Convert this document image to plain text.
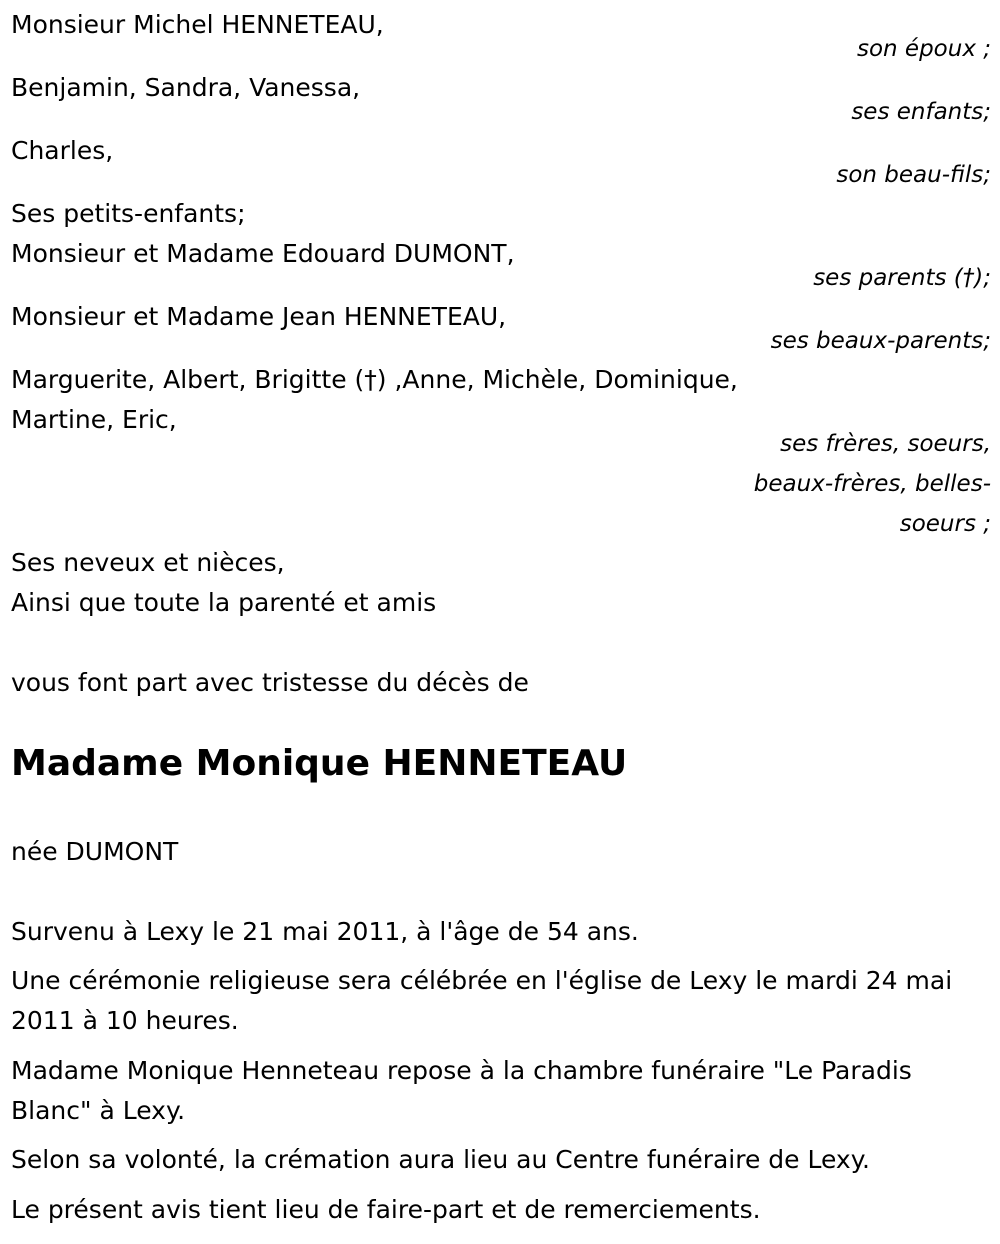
Monsieur Michel HENNETEAU,
son époux ;
Benjamin, Sandra, Vanessa,
ses enfants;
Charles,
son beau-fils;
Ses petits-enfants;
Monsieur et Madame Edouard DUMONT,
ses parents (†);
Monsieur et Madame Jean HENNETEAU,
ses beaux-parents;
Marguerite, Albert, Brigitte (†) ,Anne, Michèle, Dominique,
Martine, Eric,
ses frères, soeurs, beaux-frères, belles-soeurs ;
Ses neveux et nièces,
Ainsi que toute la parenté et amis
vous font part avec tristesse du décès de
Madame Monique HENNETEAU
née DUMONT
Survenu à Lexy le 21 mai 2011, à l'âge de 54 ans.
Une cérémonie religieuse sera célébrée en l'église de Lexy le mardi 24 mai 2011 à 10 heures.
Madame Monique Henneteau repose à la chambre funéraire "Le Paradis Blanc" à Lexy.
Selon sa volonté, la crémation aura lieu au Centre funéraire de Lexy.
Le présent avis tient lieu de faire-part et de remerciements.
